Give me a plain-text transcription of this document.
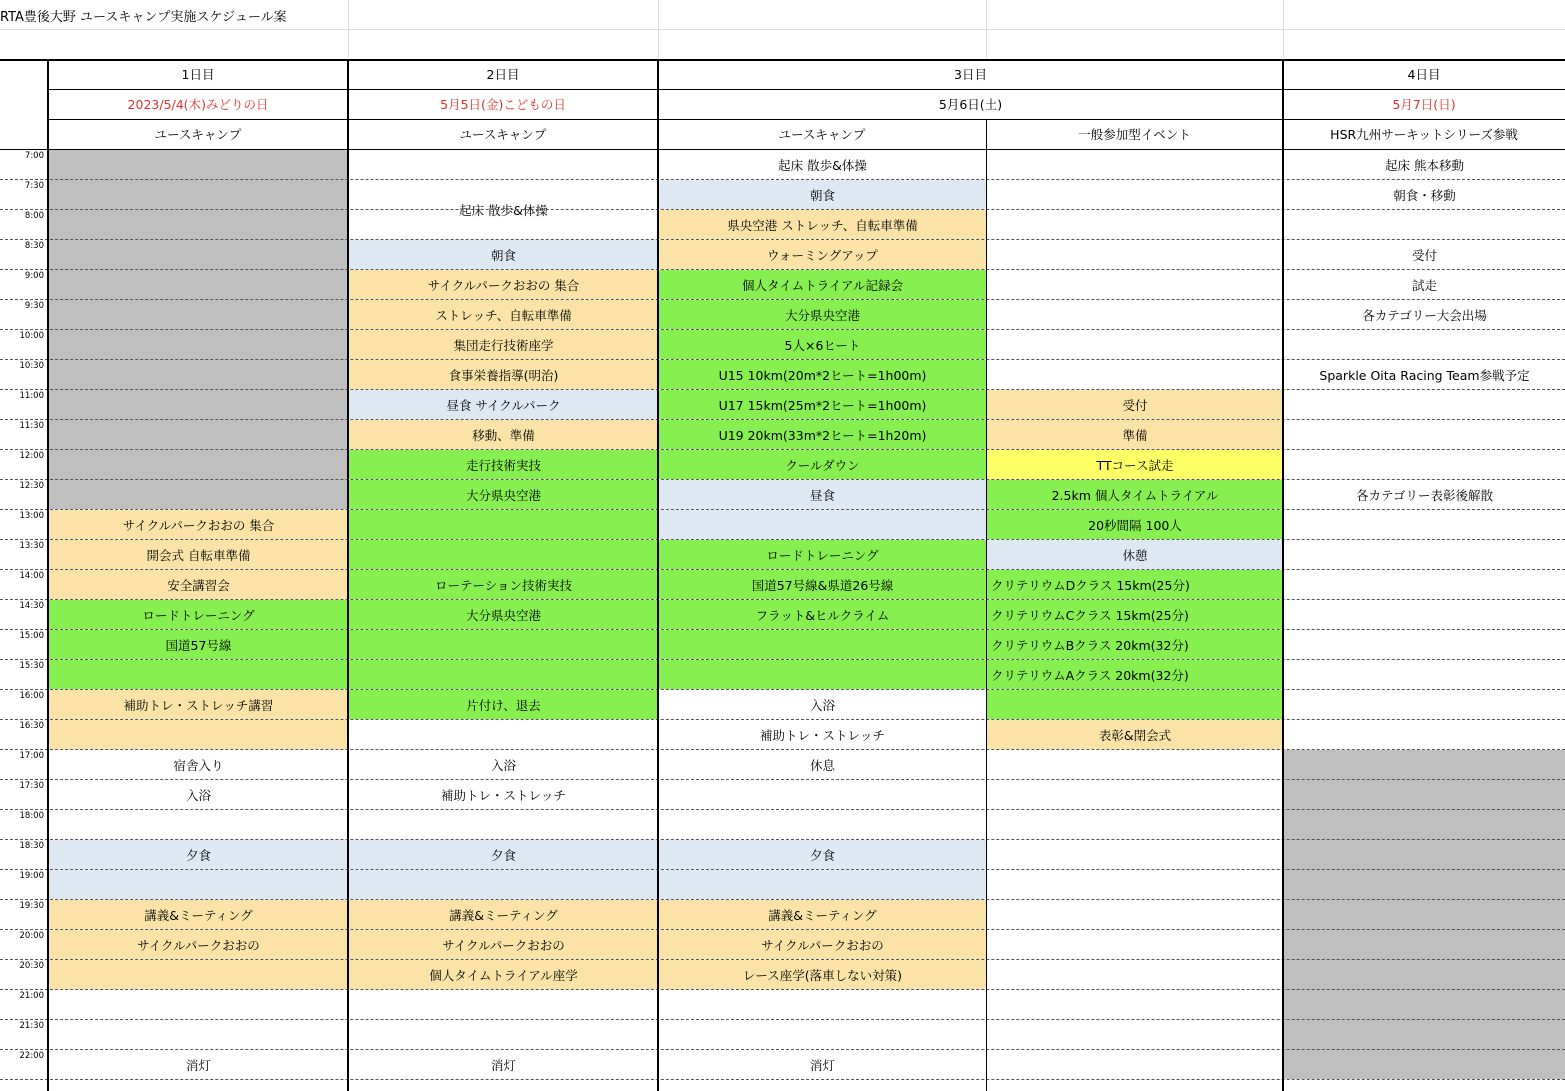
RTA豊後大野 ユースキャンプ実施スケジュール案
サイクルパークおおの 集合
開会式 自転車準備
安全講習会
ロードトレーニング
国道57号線
補助トレ・ストレッチ講習
宿舎入り
入浴
夕食
講義&ミーティング
サイクルパークおおの
消灯
起床 散歩&体操
朝食
サイクルパークおおの 集合
ストレッチ、自転車準備
集団走行技術座学
食事栄養指導(明治)
昼食 サイクルパーク
移動、準備
走行技術実技
大分県央空港
ローテーション技術実技
大分県央空港
片付け、退去
入浴
補助トレ・ストレッチ
夕食
講義&ミーティング
サイクルパークおおの
個人タイムトライアル座学
消灯
起床 散歩&体操
朝食
県央空港 ストレッチ、自転車準備
ウォーミングアップ
個人タイムトライアル記録会
大分県央空港
5人×6ヒート
U15 10km(20m*2ヒート=1h00m)
U17 15km(25m*2ヒート=1h00m)
U19 20km(33m*2ヒート=1h20m)
クールダウン
昼食
ロードトレーニング
国道57号線&県道26号線
フラット&ヒルクライム
入浴
補助トレ・ストレッチ
休息
夕食
講義&ミーティング
サイクルパークおおの
レース座学(落車しない対策)
消灯
受付
準備
TTコース試走
2.5km 個人タイムトライアル
20秒間隔 100人
休憩
クリテリウムDクラス 15km(25分)
クリテリウムCクラス 15km(25分)
クリテリウムBクラス 20km(32分)
クリテリウムAクラス 20km(32分)
表彰&閉会式
起床 熊本移動
朝食・移動
受付
試走
各カテゴリー大会出場
Sparkle Oita Racing Team参戦予定
各カテゴリー表彰後解散
1日目
2023/5/4(木)みどりの日
ユースキャンプ
2日目
5月5日(金)こどもの日
ユースキャンプ
3日目
5月6日(土)
ユースキャンプ	一般参加型イベント
4日目
5月7日(日)
HSR九州サーキットシリーズ参戦
7:00
7:30
8:00
8:30
9:00
9:30
10:00
10:30
11:00
11:30
12:00
12:30
13:00
13:30
14:00
14:30
15:00
15:30
16:00
16:30
17:00
17:30
18:00
18:30
19:00
19:30
20:00
20:30
21:00
21:30
22:00
